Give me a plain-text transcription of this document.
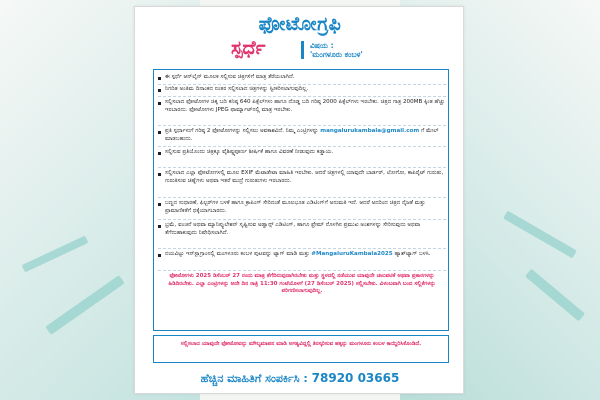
ಫೋಟೋಗ್ರಫಿ
ಸ್ಪರ್ಧೆ	ವಿಷಯ :
'ಮಂಗಳೂರು ಕಂಬಳ'
ಈ ಸ್ಪರ್ಧೆ ಆನ್‌ಲೈನ್ ಮೂಲಕ ಸಲ್ಲಿಸುವ ಚಿತ್ರಗಳಿಗೆ ಮಾತ್ರ ತೆರೆಯಲಾಗಿದೆ.
ನಿಗದಿತ ಅಂತಿಮ ದಿನಾಂಕದ ನಂತರ ಸಲ್ಲಿಸಲಾದ ಚಿತ್ರಗಳನ್ನು ಸ್ವೀಕರಿಸಲಾಗುವುದಿಲ್ಲ.
ಸಲ್ಲಿಸಲಾದ ಫೋಟೋಗಳ ಚಿಕ್ಕ ಬದಿ ಕನಿಷ್ಠ 640 ಪಿಕ್ಸೆಲ್‌ಗಳು ಹಾಗೂ ದೊಡ್ಡ ಬದಿ ಗರಿಷ್ಠ 2000 ಪಿಕ್ಸೆಲ್‌ಗಳು ಇರಬೇಕು. ಚಿತ್ರದ ಗಾತ್ರ 200MB ಕ್ಕಿಂತ ಹೆಚ್ಚು ಇರಬಾರದು. ಫೋಟೋಗಳು JPEG ಫಾರ್ಮ್ಯಾಟ್‌ನಲ್ಲಿ ಮಾತ್ರ ಇರಬೇಕು.
ಪ್ರತಿ ಸ್ಪರ್ಧಾಳುಗೆ ಗರಿಷ್ಠ 2 ಫೋಟೋಗಳನ್ನು ಸಲ್ಲಿಸಲು ಅವಕಾಶವಿದೆ. ನಿಮ್ಮ ಎಂಟ್ರಿಗಳನ್ನು mangalurukambala@gmail.com ಗೆ ಮೇಲ್ ಮಾಡಬಹುದು.
ಸಲ್ಲಿಸುವ ಪ್ರತಿಯೊಂದು ಚಿತ್ರಕ್ಕೂ ವೈಶಿಷ್ಟ್ಯಪೂರ್ಣ ಶೀರ್ಷಿಕೆ ಹಾಗೂ ವಿವರಣೆ ನೀಡುವುದು ಕಡ್ಡಾಯ.
ಸಲ್ಲಿಸಲಾದ ಎಲ್ಲಾ ಫೋಟೋಗಳಲ್ಲಿ ಮೂಲ EXIF ಮೆಟಾಡೇಟಾ ಮಾಹಿತಿ ಇರಬೇಕು. ಆದರೆ ಚಿತ್ರಗಳಲ್ಲಿ ಯಾವುದೇ ಬಾರ್ಡರ್, ಲೋಗೋ, ಕಾಪಿರೈಟ್ ಗುರುತು, ಗುರುತಿಸುವ ಚಿಹ್ನೆಗಳು ಅಥವಾ ಇತರೆ ಮುದ್ರೆ ಗುರುತುಗಳು ಇರಬಾರದು.
ಬಣ್ಣದ ಸುಧಾರಣೆ, ಫಿಲ್ಟರ್‌ಗಳ ಬಳಕೆ ಹಾಗೂ ಕ್ರಾಪಿಂಗ್ ಸೇರಿದಂತೆ ಮೂಲಭೂತ ಎಡಿಟಿಂಗ್‌ಗೆ ಅನುಮತಿ ಇದೆ. ಆದರೆ ಅದರಿಂದ ಚಿತ್ರದ ನೈಜತೆ ಮತ್ತು ಪ್ರಾಮಾಣಿಕತೆಗೆ ಧಕ್ಕೆಯಾಗಬಾರದು.
ಭ್ರಮೆ, ವಂಚನೆ ಅಥವಾ ಮ್ಯಾನಿಪ್ಯುಲೇಶನ್ ಸೃಷ್ಟಿಸುವ ಅಡ್ವಾನ್ಸ್ ಎಡಿಟಿಂಗ್, ಹಾಗೂ ಫ್ರೇಮ್ ನೊಳಗಿನ ಪ್ರಮುಖ ಅಂಶಗಳನ್ನು ಸೇರಿಸುವುದು ಅಥವಾ ತೆಗೆದುಹಾಕುವುದು ನಿಷೇಧಿಸಲಾಗಿದೆ.
ದಯವಿಟ್ಟು ಇನ್‌ಸ್ಟಾಗ್ರಾಂನಲ್ಲಿ ಮಂಗಳೂರು ಕಂಬಳ ಪುಟವನ್ನು ಟ್ಯಾಗ್ ಮಾಡಿ ಮತ್ತು #MangaluruKambala2025 ಹ್ಯಾಶ್‌ಟ್ಯಾಗ್ ಬಳಸಿ.
ಫೋಟೋಗಳು 2025 ಡಿಸೆಂಬರ್ 27 ರಂದು ಮಾತ್ರ ತೆಗೆದಿರುವುದಾಗಿರಬೇಕು ಮತ್ತು ಸ್ಥಳದಲ್ಲಿ ನಡೆಯುವ ಯಾವುದೇ ಚಟುವಟಿಕೆ ಅಥವಾ ಪ್ರಕಾರಗಳನ್ನು ಹಿಡಿದಿರಬೇಕು. ಎಲ್ಲಾ ಎಂಟ್ರಿಗಳನ್ನು ಅದೇ ದಿನ ರಾತ್ರಿ 11:30 ಗಂಟೆಯೊಳಗೆ (27 ಡಿಸೆಂಬರ್ 2025) ಸಲ್ಲಿಸಬೇಕು. ವಿಳಂಬವಾಗಿ ಬಂದ ಸಲ್ಲಿಕೆಗಳನ್ನು ಪರಿಗಣಿಸಲಾಗುವುದಿಲ್ಲ.
ಸಲ್ಲಿಸಲಾದ ಯಾವುದೇ ಫೋಟೋವನ್ನು ಮೌಲ್ಯಮಾಪನ ಮಾಡಿ ಅಗತ್ಯವಿದ್ದಲ್ಲಿ ತಿರಸ್ಕರಿಸುವ ಹಕ್ಕನ್ನು ಮಂಗಳೂರು ಕಂಬಳ ಕಾಯ್ದಿರಿಸಿಕೊಂಡಿದೆ.
ಹೆಚ್ಚಿನ ಮಾಹಿತಿಗೆ ಸಂಪರ್ಕಿಸಿ : 78920 03665
